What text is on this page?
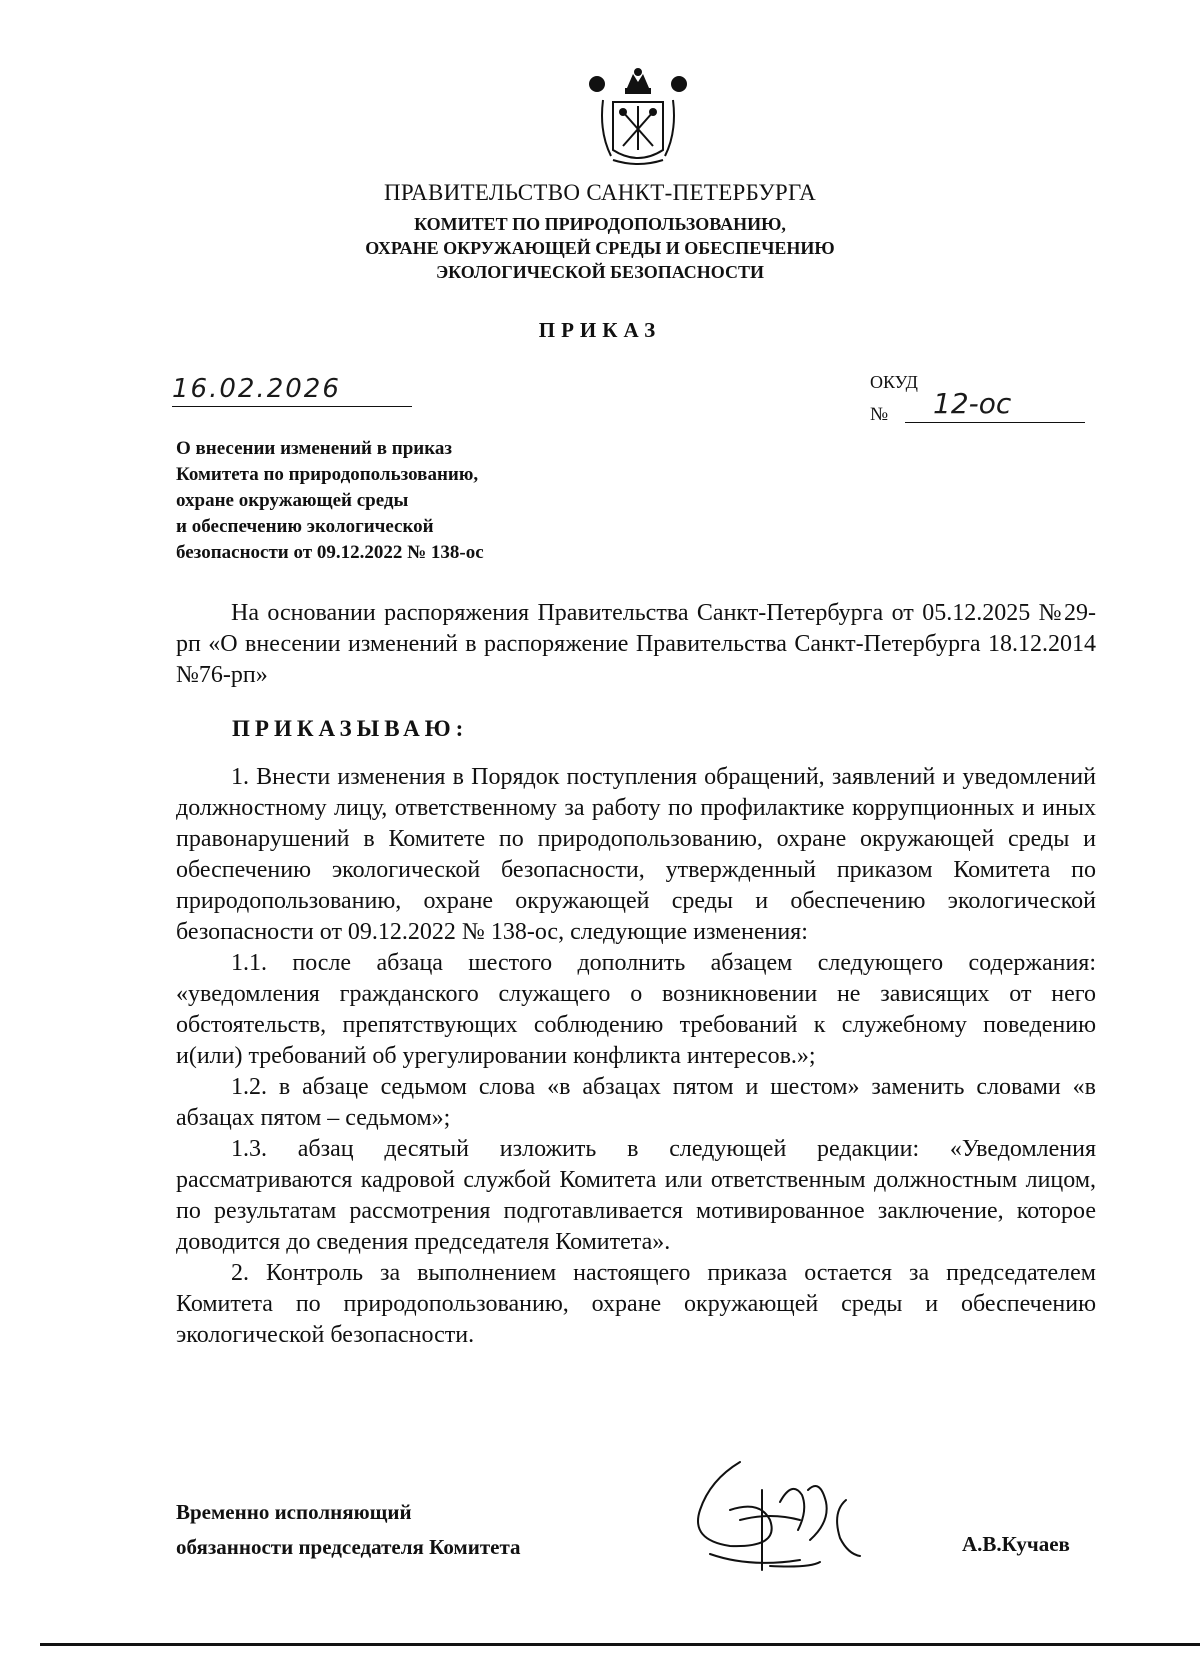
ПРАВИТЕЛЬСТВО САНКТ-ПЕТЕРБУРГА
КОМИТЕТ ПО ПРИРОДОПОЛЬЗОВАНИЮ,
ОХРАНЕ ОКРУЖАЮЩЕЙ СРЕДЫ И ОБЕСПЕЧЕНИЮ
ЭКОЛОГИЧЕСКОЙ БЕЗОПАСНОСТИ
ПРИКАЗ
16.02.2026	ОКУД
№ 12-ос
О внесении изменений в приказ
Комитета по природопользованию,
охране окружающей среды
и обеспечению экологической
безопасности от 09.12.2022 № 138-ос

На основании распоряжения Правительства Санкт-Петербурга от 05.12.2025 №29-рп «О внесении изменений в распоряжение Правительства Санкт-Петербурга 18.12.2014 №76-рп»

ПРИКАЗЫВАЮ:

1. Внести изменения в Порядок поступления обращений, заявлений и уведомлений должностному лицу, ответственному за работу по профилактике коррупционных и иных правонарушений в Комитете по природопользованию, охране окружающей среды и обеспечению экологической безопасности, утвержденный приказом Комитета по природопользованию, охране окружающей среды и обеспечению экологической безопасности от 09.12.2022 № 138-ос, следующие изменения:

1.1. после абзаца шестого дополнить абзацем следующего содержания: «уведомления гражданского служащего о возникновении не зависящих от него обстоятельств, препятствующих соблюдению требований к служебному поведению и(или) требований об урегулировании конфликта интересов.»;

1.2. в абзаце седьмом слова «в абзацах пятом и шестом» заменить словами «в абзацах пятом – седьмом»;

1.3. абзац десятый изложить в следующей редакции: «Уведомления рассматриваются кадровой службой Комитета или ответственным должностным лицом, по результатам рассмотрения подготавливается мотивированное заключение, которое доводится до сведения председателя Комитета».

2. Контроль за выполнением настоящего приказа остается за председателем Комитета по природопользованию, охране окружающей среды и обеспечению экологической безопасности.

Временно исполняющий
обязанности председателя Комитета	А.В.Кучаев
